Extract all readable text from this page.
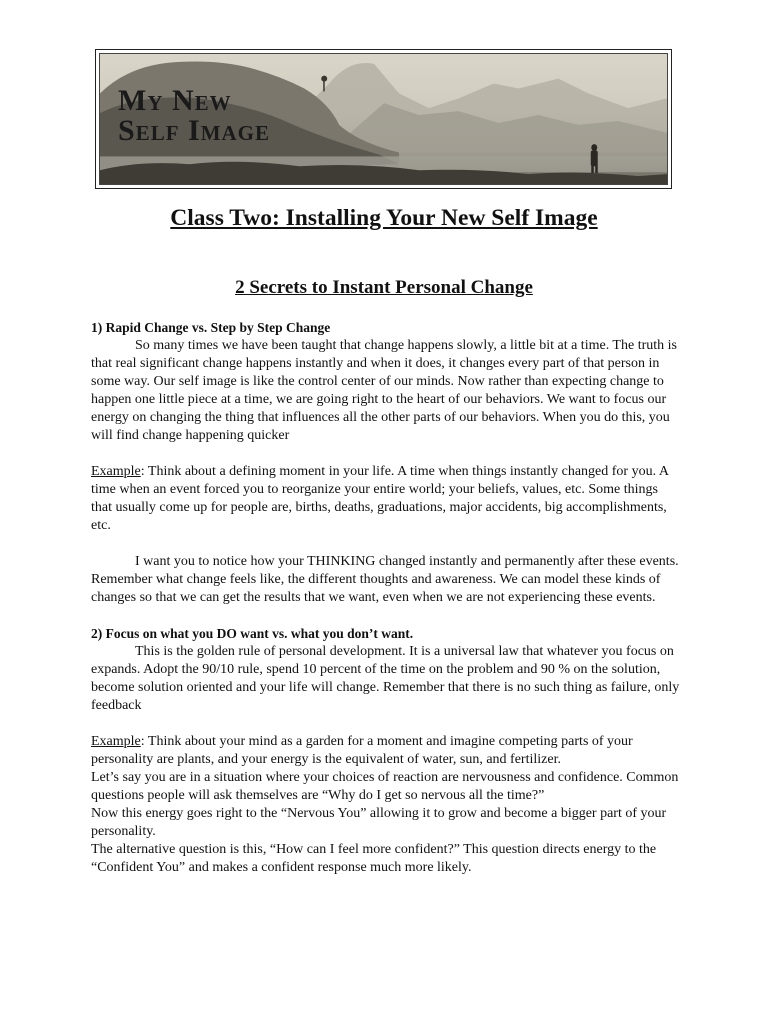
My New
Self Image
Class Two: Installing Your New Self Image
2 Secrets to Instant Personal Change

1) Rapid Change vs. Step by Step Change

So many times we have been taught that change happens slowly, a little bit at a time. The truth is that real significant change happens instantly and when it does, it changes every part of that person in some way. Our self image is like the control center of our minds. Now rather than expecting change to happen one little piece at a time, we are going right to the heart of our behaviors. We want to focus our energy on changing the thing that influences all the other parts of our behaviors. When you do this, you will find change happening quicker

Example: Think about a defining moment in your life. A time when things instantly changed for you. A time when an event forced you to reorganize your entire world; your beliefs, values, etc. Some things that usually come up for people are, births, deaths, graduations, major accidents, big accomplishments, etc.

I want you to notice how your THINKING changed instantly and permanently after these events. Remember what change feels like, the different thoughts and awareness. We can model these kinds of changes so that we can get the results that we want, even when we are not experiencing these events.

2) Focus on what you DO want vs. what you don’t want.

This is the golden rule of personal development. It is a universal law that whatever you focus on expands. Adopt the 90/10 rule, spend 10 percent of the time on the problem and 90 % on the solution, become solution oriented and your life will change. Remember that there is no such thing as failure, only feedback

Example: Think about your mind as a garden for a moment and imagine competing parts of your personality are plants, and your energy is the equivalent of water, sun, and fertilizer.

Let’s say you are in a situation where your choices of reaction are nervousness and confidence. Common questions people will ask themselves are “Why do I get so nervous all the time?”

Now this energy goes right to the “Nervous You” allowing it to grow and become a bigger part of your personality.

The alternative question is this, “How can I feel more confident?” This question directs energy to the “Confident You” and makes a confident response much more likely.
